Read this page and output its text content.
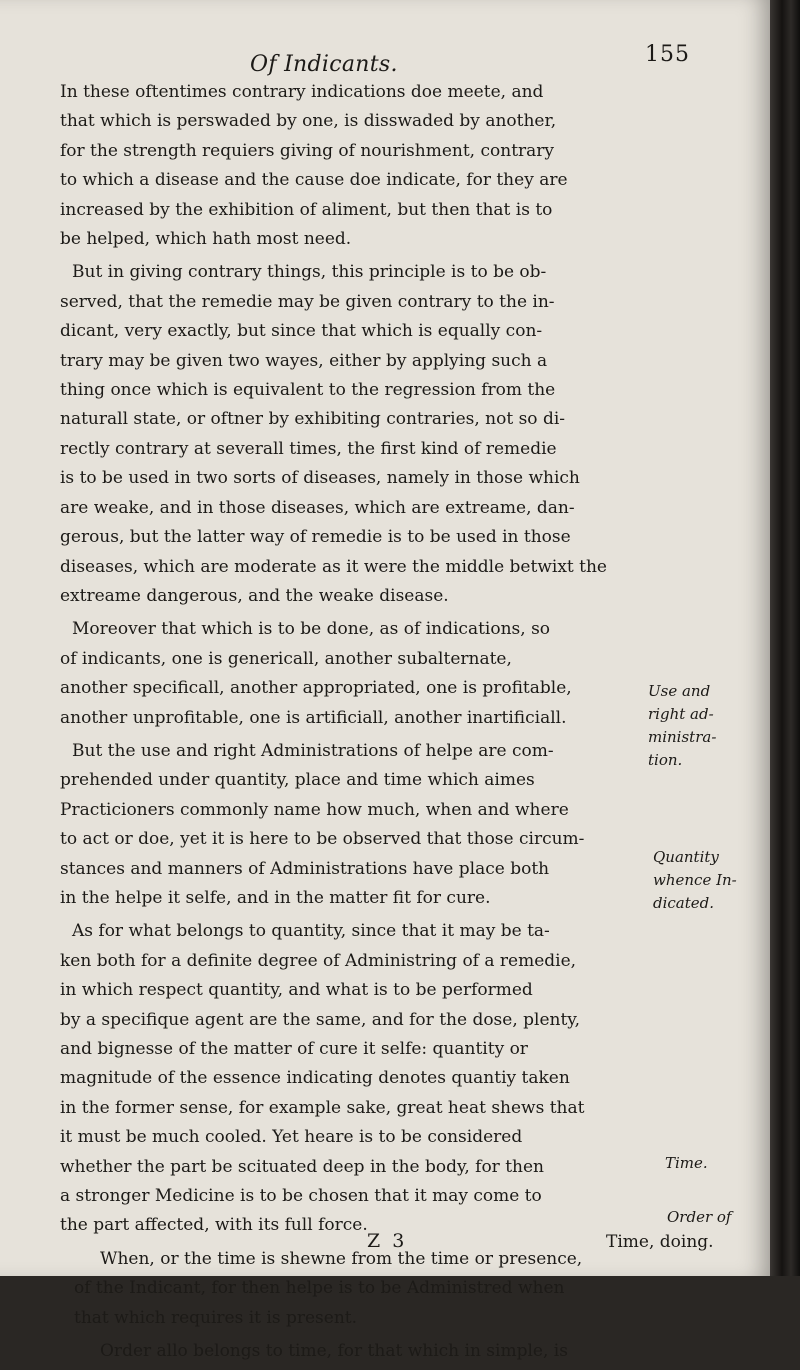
Of Indicants.	155
In these oftentimes contrary indications doe meete, and
that which is perswaded by one, is disswaded by another,
for the strength requiers giving of nourishment, contrary
to which a disease and the cause doe indicate, for they are
increased by the exhibition of aliment, but then that is to
be helped, which hath most need.
But in giving contrary things, this principle is to be ob-
served, that the remedie may be given contrary to the in-
dicant, very exactly, but since that which is equally con-
trary may be given two wayes, either by applying such a
thing once which is equivalent to the regression from the
naturall state, or oftner by exhibiting contraries, not so di-
rectly contrary at severall times, the first kind of remedie
is to be used in two sorts of diseases, namely in those which
are weake, and in those diseases, which are extreame, dan-
gerous, but the latter way of remedie is to be used in those
diseases, which are moderate as it were the middle betwixt the
extreame dangerous, and the weake disease.
Moreover that which is to be done, as of indications, so
of indicants, one is genericall, another subalternate,
another specificall, another appropriated, one is profitable,
another unprofitable, one is artificiall, another inartificiall.
But the use and right Administrations of helpe are com-
prehended under quantity, place and time which aimes
Practicioners commonly name how much, when and where
to act or doe, yet it is here to be observed that those circum-
stances and manners of Administrations have place both
in the helpe it selfe, and in the matter fit for cure.
As for what belongs to quantity, since that it may be ta-
ken both for a definite degree of Administring of a remedie,
in which respect quantity, and what is to be performed
by a specifique agent are the same, and for the dose, plenty,
and bignesse of the matter of cure it selfe: quantity or
magnitude of the essence indicating denotes quantiy taken
in the former sense, for example sake, great heat shews that
it must be much cooled. Yet heare is to be considered
whether the part be scituated deep in the body, for then
a stronger Medicine is to be chosen that it may come to
the part affected, with its full force.
When, or the time is shewne from the time or presence,
of the Indicant, for then helpe is to be Administred when
that which requires it is present.
Order allo belongs to time, for that which in simple, is
Use and right ad- ministra- tion.
Quantity whence In- dicated.
Time.
Order of
Z 3	Time, doing.
